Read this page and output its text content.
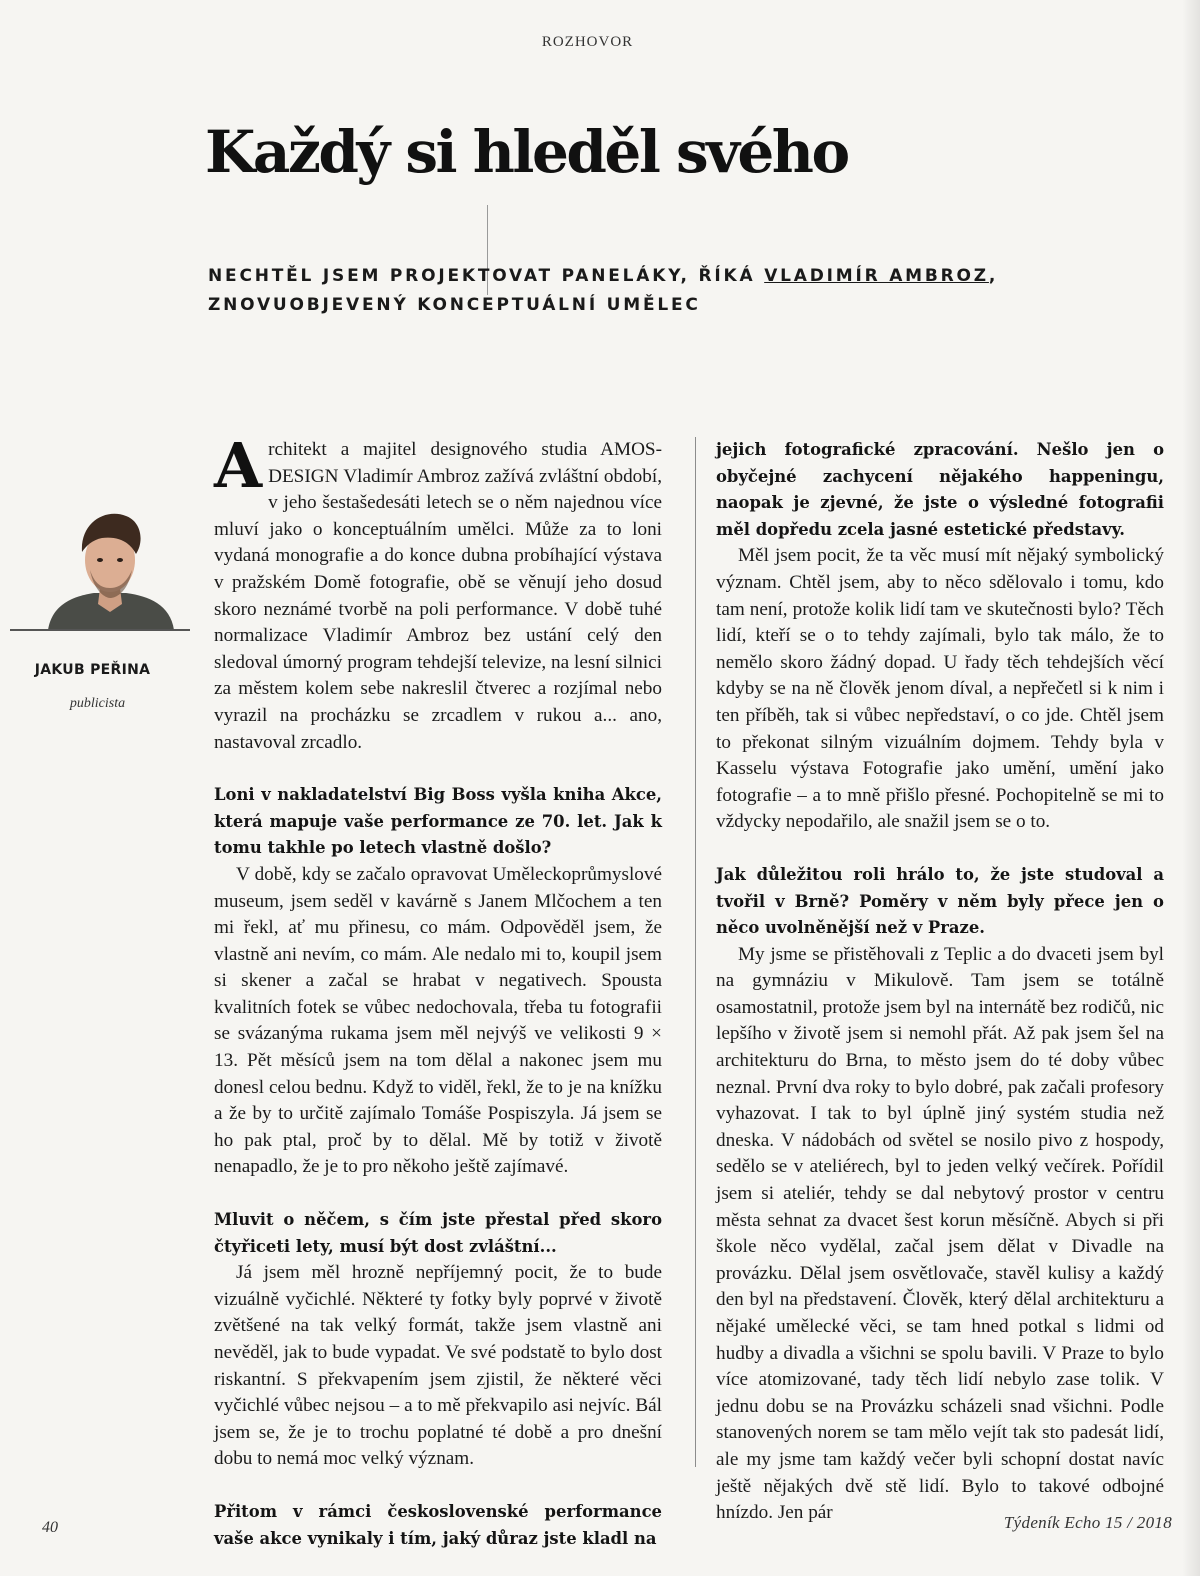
ROZHOVOR
Každý si hleděl svého

NECHTĚL JSEM PROJEKTOVAT PANELÁKY, ŘÍKÁ VLADIMÍR AMBROZ, ZNOVUOBJEVENÝ KONCEPTUÁLNÍ UMĚLEC

JAKUB PEŘINA
publicista

Architekt a majitel designového studia AMOSDESIGN Vladimír Ambroz zažívá zvláštní období, v jeho šestašedesáti letech se o něm najednou více mluví jako o konceptuálním umělci. Může za to loni vydaná monografie a do konce dubna probíhající výstava v pražském Domě fotografie, obě se věnují jeho dosud skoro neznámé tvorbě na poli performance. V době tuhé normalizace Vladimír Ambroz bez ustání celý den sledoval úmorný program tehdejší televize, na lesní silnici za městem kolem sebe nakreslil čtverec a rozjímal nebo vyrazil na procházku se zrcadlem v rukou a... ano, nastavoval zrcadlo.

Loni v nakladatelství Big Boss vyšla kniha Akce, která mapuje vaše performance ze 70. let. Jak k tomu takhle po letech vlastně došlo?

V době, kdy se začalo opravovat Uměleckoprůmyslové museum, jsem seděl v kavárně s Janem Mlčochem a ten mi řekl, ať mu přinesu, co mám. Odpověděl jsem, že vlastně ani nevím, co mám. Ale nedalo mi to, koupil jsem si skener a začal se hrabat v negativech. Spousta kvalitních fotek se vůbec nedochovala, třeba tu fotografii se svázanýma rukama jsem měl nejvýš ve velikosti 9 × 13. Pět měsíců jsem na tom dělal a nakonec jsem mu donesl celou bednu. Když to viděl, řekl, že to je na knížku a že by to určitě zajímalo Tomáše Pospiszyla. Já jsem se ho pak ptal, proč by to dělal. Mě by totiž v životě nenapadlo, že je to pro někoho ještě zajímavé.

Mluvit o něčem, s čím jste přestal před skoro čtyřiceti lety, musí být dost zvláštní...

Já jsem měl hrozně nepříjemný pocit, že to bude vizuálně vyčichlé. Některé ty fotky byly poprvé v životě zvětšené na tak velký formát, takže jsem vlastně ani nevěděl, jak to bude vypadat. Ve své podstatě to bylo dost riskantní. S překvapením jsem zjistil, že některé věci vyčichlé vůbec nejsou – a to mě překvapilo asi nejvíc. Bál jsem se, že je to trochu poplatné té době a pro dnešní dobu to nemá moc velký význam.

Přitom v rámci československé performance vaše akce vynikaly i tím, jaký důraz jste kladl na

jejich fotografické zpracování. Nešlo jen o obyčejné zachycení nějakého happeningu, naopak je zjevné, že jste o výsledné fotografii měl dopředu zcela jasné estetické představy.

Měl jsem pocit, že ta věc musí mít nějaký symbolický význam. Chtěl jsem, aby to něco sdělovalo i tomu, kdo tam není, protože kolik lidí tam ve skutečnosti bylo? Těch lidí, kteří se o to tehdy zajímali, bylo tak málo, že to nemělo skoro žádný dopad. U řady těch tehdejších věcí kdyby se na ně člověk jenom díval, a nepřečetl si k nim i ten příběh, tak si vůbec nepředstaví, o co jde. Chtěl jsem to překonat silným vizuálním dojmem. Tehdy byla v Kasselu výstava Fotografie jako umění, umění jako fotografie – a to mně přišlo přesné. Pochopitelně se mi to vždycky nepodařilo, ale snažil jsem se o to.

Jak důležitou roli hrálo to, že jste studoval a tvořil v Brně? Poměry v něm byly přece jen o něco uvolněnější než v Praze.

My jsme se přistěhovali z Teplic a do dvaceti jsem byl na gymnáziu v Mikulově. Tam jsem se totálně osamostatnil, protože jsem byl na internátě bez rodičů, nic lepšího v životě jsem si nemohl přát. Až pak jsem šel na architekturu do Brna, to město jsem do té doby vůbec neznal. První dva roky to bylo dobré, pak začali profesory vyhazovat. I tak to byl úplně jiný systém studia než dneska. V nádobách od světel se nosilo pivo z hospody, sedělo se v ateliérech, byl to jeden velký večírek. Pořídil jsem si ateliér, tehdy se dal nebytový prostor v centru města sehnat za dvacet šest korun měsíčně. Abych si při škole něco vydělal, začal jsem dělat v Divadle na provázku. Dělal jsem osvětlovače, stavěl kulisy a každý den byl na představení. Člověk, který dělal architekturu a nějaké umělecké věci, se tam hned potkal s lidmi od hudby a divadla a všichni se spolu bavili. V Praze to bylo více atomizované, tady těch lidí nebylo zase tolik. V jednu dobu se na Provázku scházeli snad všichni. Podle stanovených norem se tam mělo vejít tak sto padesát lidí, ale my jsme tam každý večer byli schopní dostat navíc ještě nějakých dvě stě lidí. Bylo to takové odbojné hnízdo. Jen pár

40	Týdeník Echo 15 / 2018
